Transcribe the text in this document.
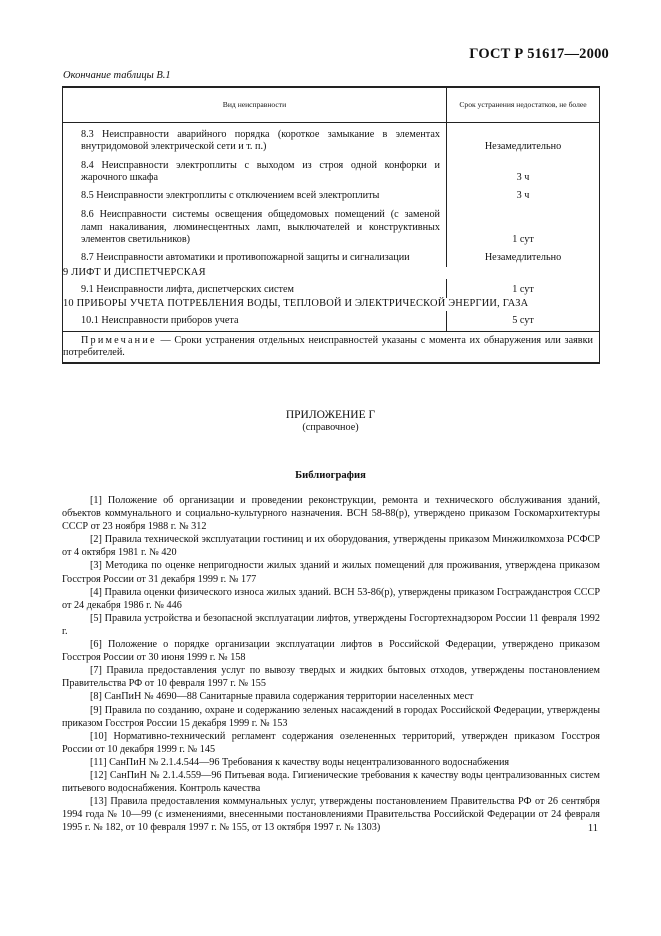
ГОСТ Р 51617—2000
Окончание таблицы В.1
Вид неисправности	Срок устранения недостатков, не более

8.3 Неисправности аварийного порядка (короткое замыкание в элементах внутридомовой электрической сети и т. п.)	Незамедлительно

8.4 Неисправности электроплиты с выходом из строя одной конфорки и жарочного шкафа	3 ч

8.5 Неисправности электроплиты с отключением всей электроплиты	3 ч

8.6 Неисправности системы освещения общедомовых помещений (с заменой ламп накаливания, люминесцентных ламп, выключателей и конструктивных элементов светильников)	1 сут

8.7 Неисправности автоматики и противопожарной защиты и сигнализации	Незамедлительно
9 ЛИФТ И ДИСПЕТЧЕРСКАЯ	

9.1 Неисправности лифта, диспетчерских систем	1 сут
10 ПРИБОРЫ УЧЕТА ПОТРЕБЛЕНИЯ ВОДЫ, ТЕПЛОВОЙ И ЭЛЕКТРИЧЕСКОЙ ЭНЕРГИИ, ГАЗА	

10.1 Неисправности приборов учета	5 сут
Примечание — Сроки устранения отдельных неисправностей указаны с момента их обнаружения или заявки потребителей.	
ПРИЛОЖЕНИЕ Г
(справочное)
Библиография

[1] Положение об организации и проведении реконструкции, ремонта и технического обслуживания зданий, объектов коммунального и социально-культурного назначения. ВСН 58-88(р), утверждено приказом Госкомархитектуры СССР от 23 ноября 1988 г. № 312

[2] Правила технической эксплуатации гостиниц и их оборудования, утверждены приказом Минжилкомхоза РСФСР от 4 октября 1981 г. № 420

[3] Методика по оценке непригодности жилых зданий и жилых помещений для проживания, утверждена приказом Госстроя России от 31 декабря 1999 г. № 177

[4] Правила оценки физического износа жилых зданий. ВСН 53-86(р), утверждены приказом Госгражданстроя СССР от 24 декабря 1986 г. № 446

[5] Правила устройства и безопасной эксплуатации лифтов, утверждены Госгортехнадзором России 11 февраля 1992 г.

[6] Положение о порядке организации эксплуатации лифтов в Российской Федерации, утверждено приказом Госстроя России от 30 июня 1999 г. № 158

[7] Правила предоставления услуг по вывозу твердых и жидких бытовых отходов, утверждены постановлением Правительства РФ от 10 февраля 1997 г. № 155

[8] СанПиН № 4690—88 Санитарные правила содержания территории населенных мест

[9] Правила по созданию, охране и содержанию зеленых насаждений в городах Российской Федерации, утверждены приказом Госстроя России 15 декабря 1999 г. № 153

[10] Нормативно-технический регламент содержания озелененных территорий, утвержден приказом Госстроя России от 10 декабря 1999 г. № 145

[11] СанПиН № 2.1.4.544—96 Требования к качеству воды нецентрализованного водоснабжения

[12] СанПиН № 2.1.4.559—96 Питьевая вода. Гигиенические требования к качеству воды централизованных систем питьевого водоснабжения. Контроль качества

[13] Правила предоставления коммунальных услуг, утверждены постановлением Правительства РФ от 26 сентября 1994 года № 10—99 (с изменениями, внесенными постановлениями Правительства Российской Федерации от 24 февраля 1995 г. № 182, от 10 февраля 1997 г. № 155, от 13 октября 1997 г. № 1303)	11
